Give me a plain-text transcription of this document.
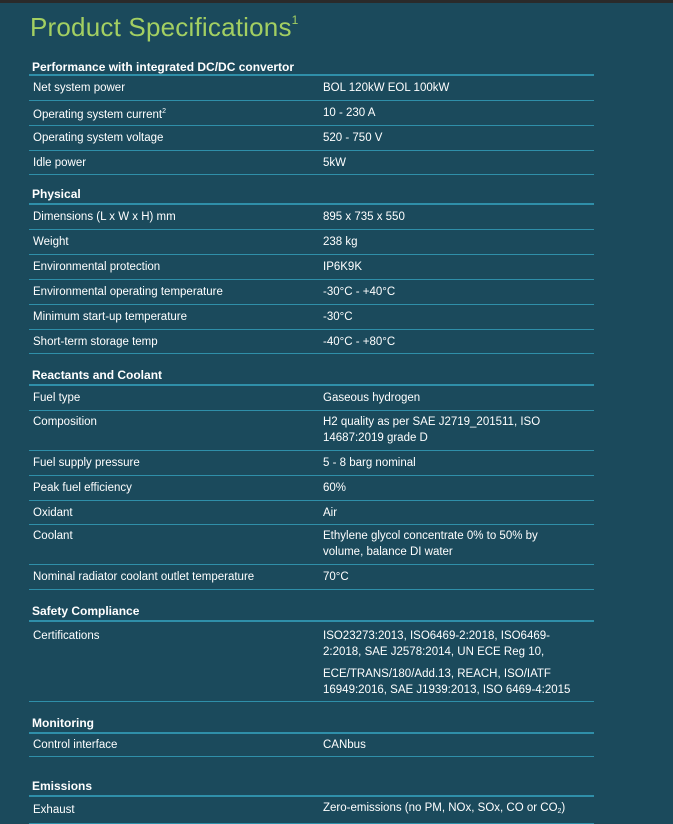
Product Specifications$^1$
Performance with integrated DC/DC convertor
Net system power	BOL 120kW EOL 100kW
Operating system current$^2$	10 - 230 A
Operating system voltage	520 - 750 V
Idle power	5kW
Physical
Dimensions (L x W x H) mm	895 x 735 x 550
Weight	238 kg
Environmental protection	IP6K9K
Environmental operating temperature	-30°C - +40°C
Minimum start-up temperature	-30°C
Short-term storage temp	-40°C - +80°C
Reactants and Coolant
Fuel type	Gaseous hydrogen
Composition	H2 quality as per SAE J2719_201511, ISO 14687:2019 grade D
Fuel supply pressure	5 - 8 barg nominal
Peak fuel efficiency	60%
Oxidant	Air
Coolant	Ethylene glycol concentrate 0% to 50% by volume, balance DI water
Nominal radiator coolant outlet temperature	70°C
Safety Compliance
Certifications	ISO23273:2013, ISO6469-2:2018, ISO6469-2:2018, SAE J2578:2014, UN ECE Reg 10,
ECE/TRANS/180/Add.13, REACH, ISO/IATF 16949:2016, SAE J1939:2013, ISO 6469-4:2015
Monitoring
Control interface	CANbus
Emissions
Exhaust	Zero-emissions (no PM, NOx, SOx, CO or $CO_2$)
